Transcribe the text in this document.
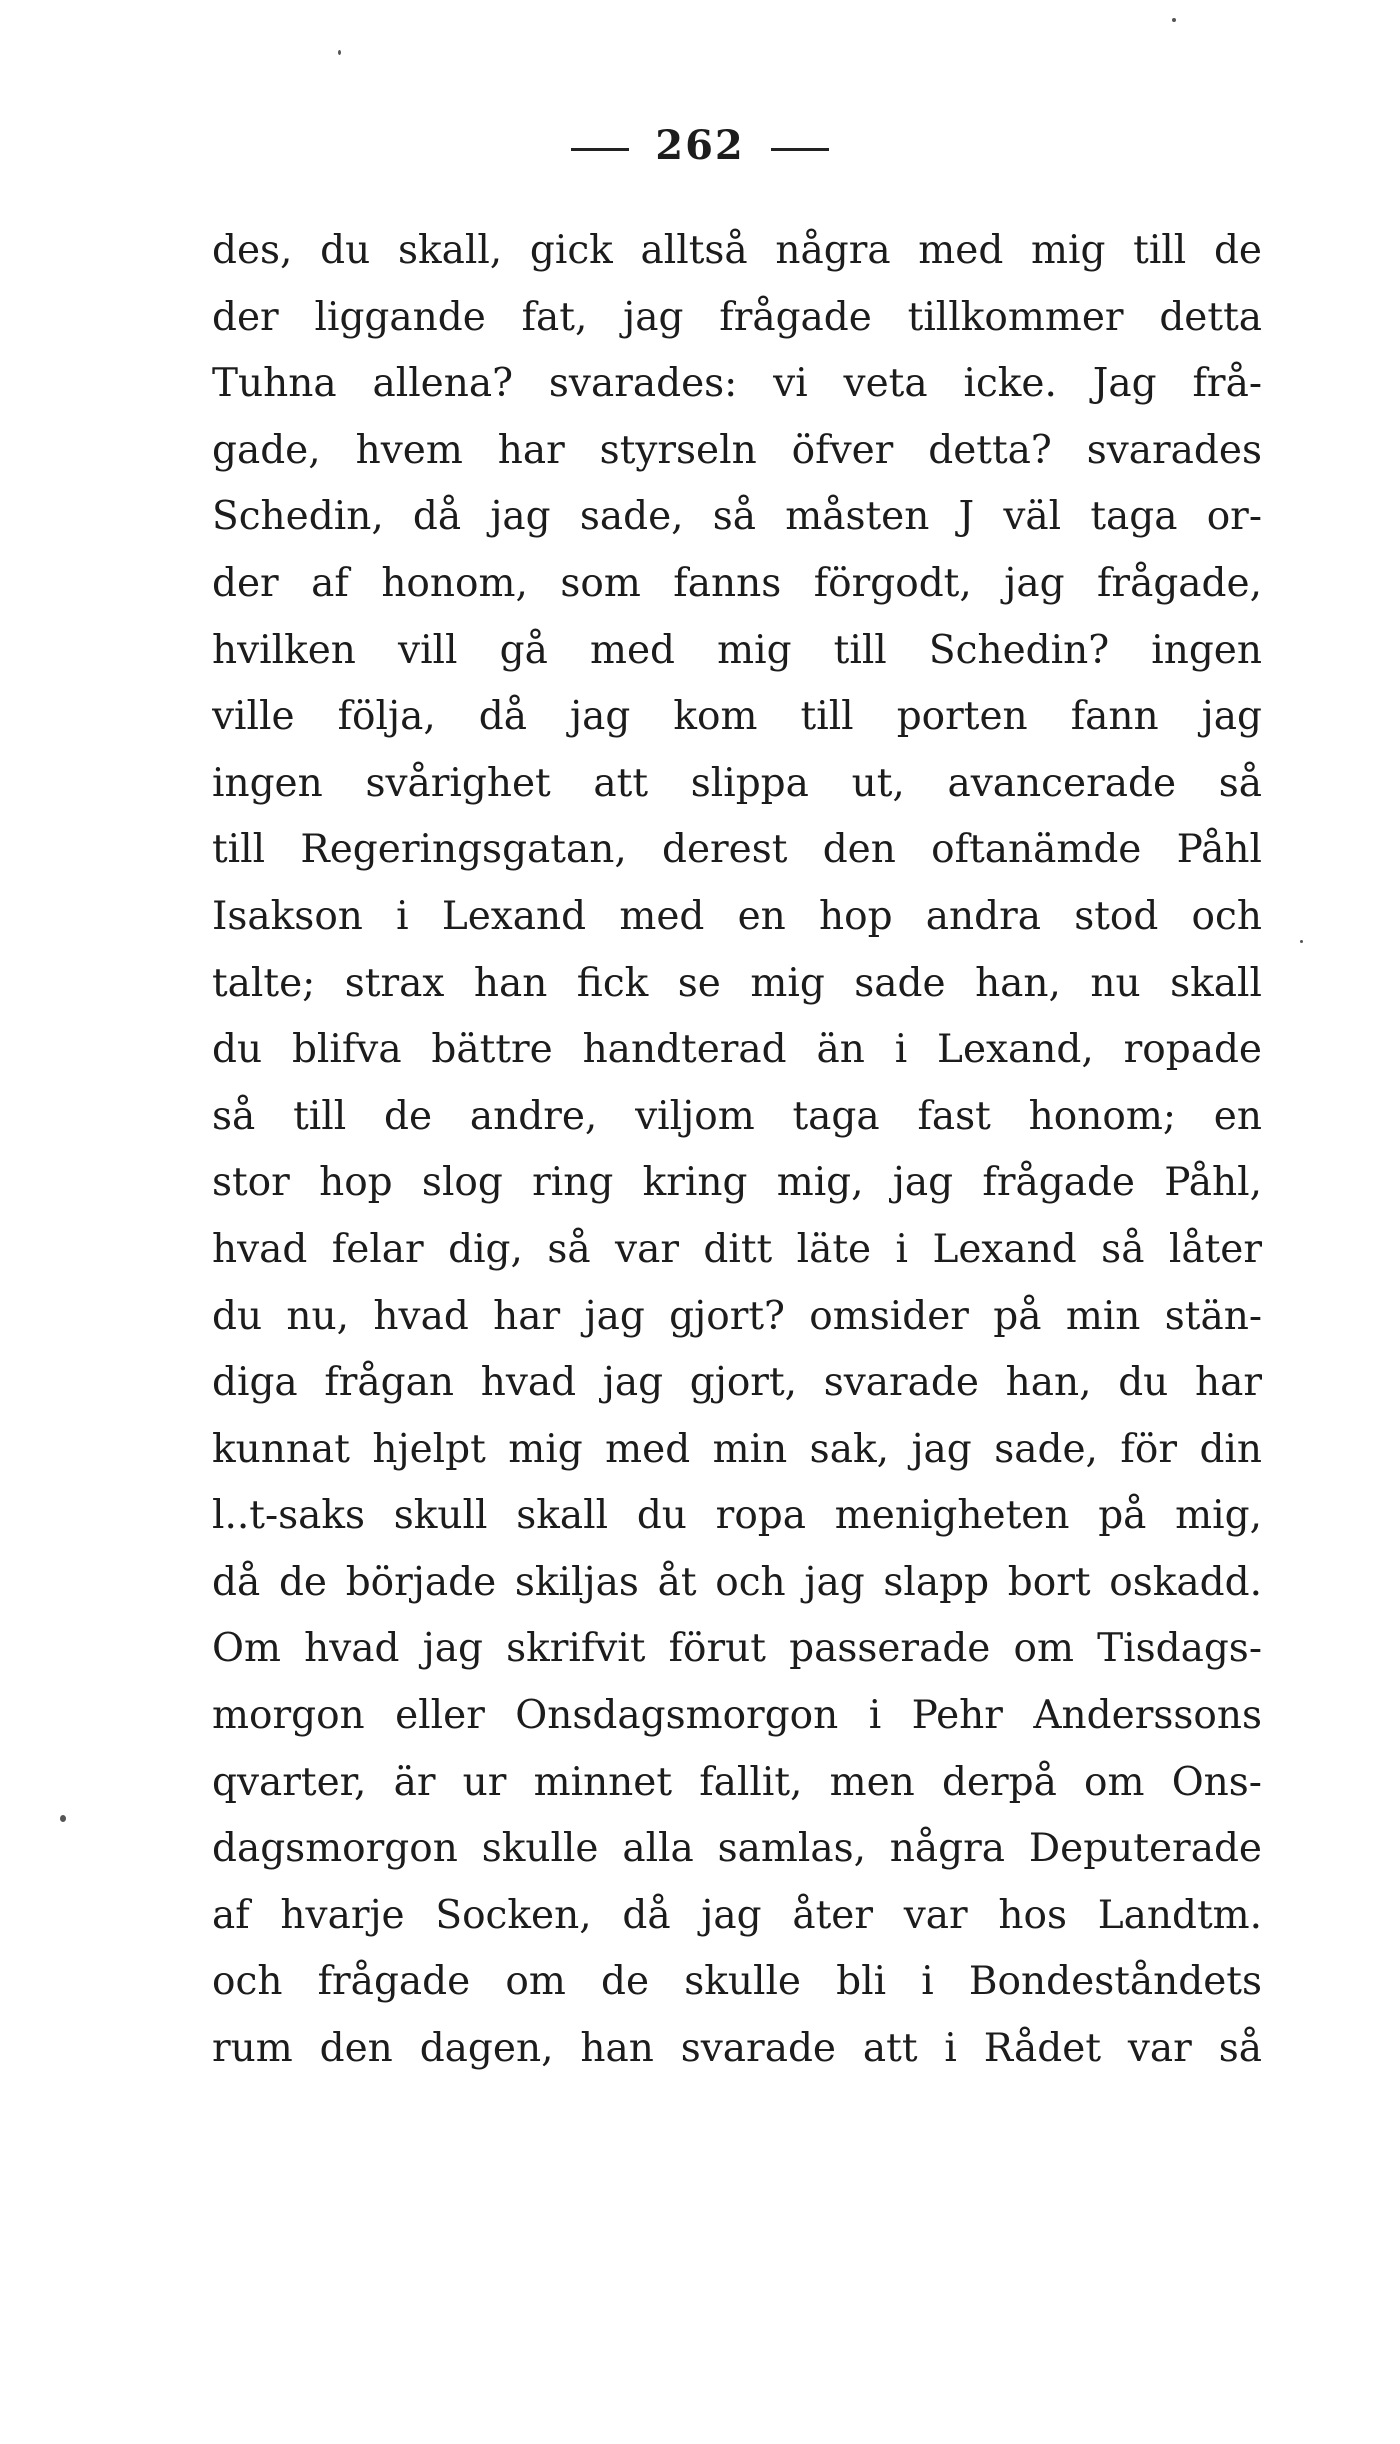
262
des, du skall, gick alltså några med mig till de
der liggande fat, jag frågade tillkommer detta
Tuhna allena? svarades: vi veta icke. Jag frå-
gade, hvem har styrseln öfver detta? svarades
Schedin, då jag sade, så måsten J väl taga or-
der af honom, som fanns förgodt, jag frågade,
hvilken vill gå med mig till Schedin? ingen
ville följa, då jag kom till porten fann jag
ingen svårighet att slippa ut, avancerade så
till Regeringsgatan, derest den oftanämde Påhl
Isakson i Lexand med en hop andra stod och
talte; strax han fick se mig sade han, nu skall
du blifva bättre handterad än i Lexand, ropade
så till de andre, viljom taga fast honom; en
stor hop slog ring kring mig, jag frågade Påhl,
hvad felar dig, så var ditt läte i Lexand så låter
du nu, hvad har jag gjort? omsider på min stän-
diga frågan hvad jag gjort, svarade han, du har
kunnat hjelpt mig med min sak, jag sade, för din
l..t-saks skull skall du ropa menigheten på mig,
då de började skiljas åt och jag slapp bort oskadd.
Om hvad jag skrifvit förut passerade om Tisdags-
morgon eller Onsdagsmorgon i Pehr Anderssons
qvarter, är ur minnet fallit, men derpå om Ons-
dagsmorgon skulle alla samlas, några Deputerade
af hvarje Socken, då jag åter var hos Landtm.
och frågade om de skulle bli i Bondeståndets
rum den dagen, han svarade att i Rådet var så
